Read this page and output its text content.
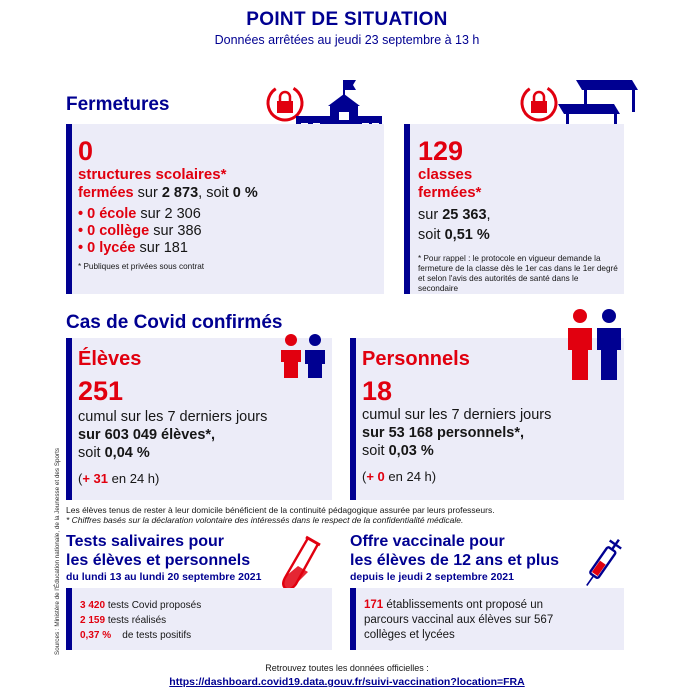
POINT DE SITUATION
Données arrêtées au jeudi 23 septembre à 13 h
Fermetures
0
structures scolaires*
fermées sur 2 873, soit 0 %
• 0 école sur 2 306
• 0 collège sur 386
• 0 lycée sur 181
* Publiques et privées sous contrat
129
classes
fermées*
sur 25 363,
soit 0,51 %
* Pour rappel : le protocole en vigueur demande la fermeture de la classe dès le 1er cas dans le 1er degré et selon l'avis des autorités de santé dans le secondaire
Cas de Covid confirmés
Élèves
251
cumul sur les 7 derniers jours
sur 603 049 élèves*,
soit 0,04 %
(+ 31 en 24 h)
Personnels
18
cumul sur les 7 derniers jours
sur 53 168 personnels*,
soit 0,03 %
(+ 0 en 24 h)
Les élèves tenus de rester à leur domicile bénéficient de la continuité pédagogique assurée par leurs professeurs.
* Chiffres basés sur la déclaration volontaire des intéressés dans le respect de la confidentialité médicale.
Tests salivaires pour
les élèves et personnels
du lundi 13 au lundi 20 septembre 2021
3 420 tests Covid proposés
2 159 tests réalisés
0,37 % de tests positifs
Offre vaccinale pour
les élèves de 12 ans et plus
depuis le jeudi 2 septembre 2021
171 établissements ont proposé un
parcours vaccinal aux élèves sur 567
collèges et lycées
Sources : Ministère de l'Éducation nationale, de la Jeunesse et des Sports
Retrouvez toutes les données officielles :
https://dashboard.covid19.data.gouv.fr/suivi-vaccination?location=FRA
